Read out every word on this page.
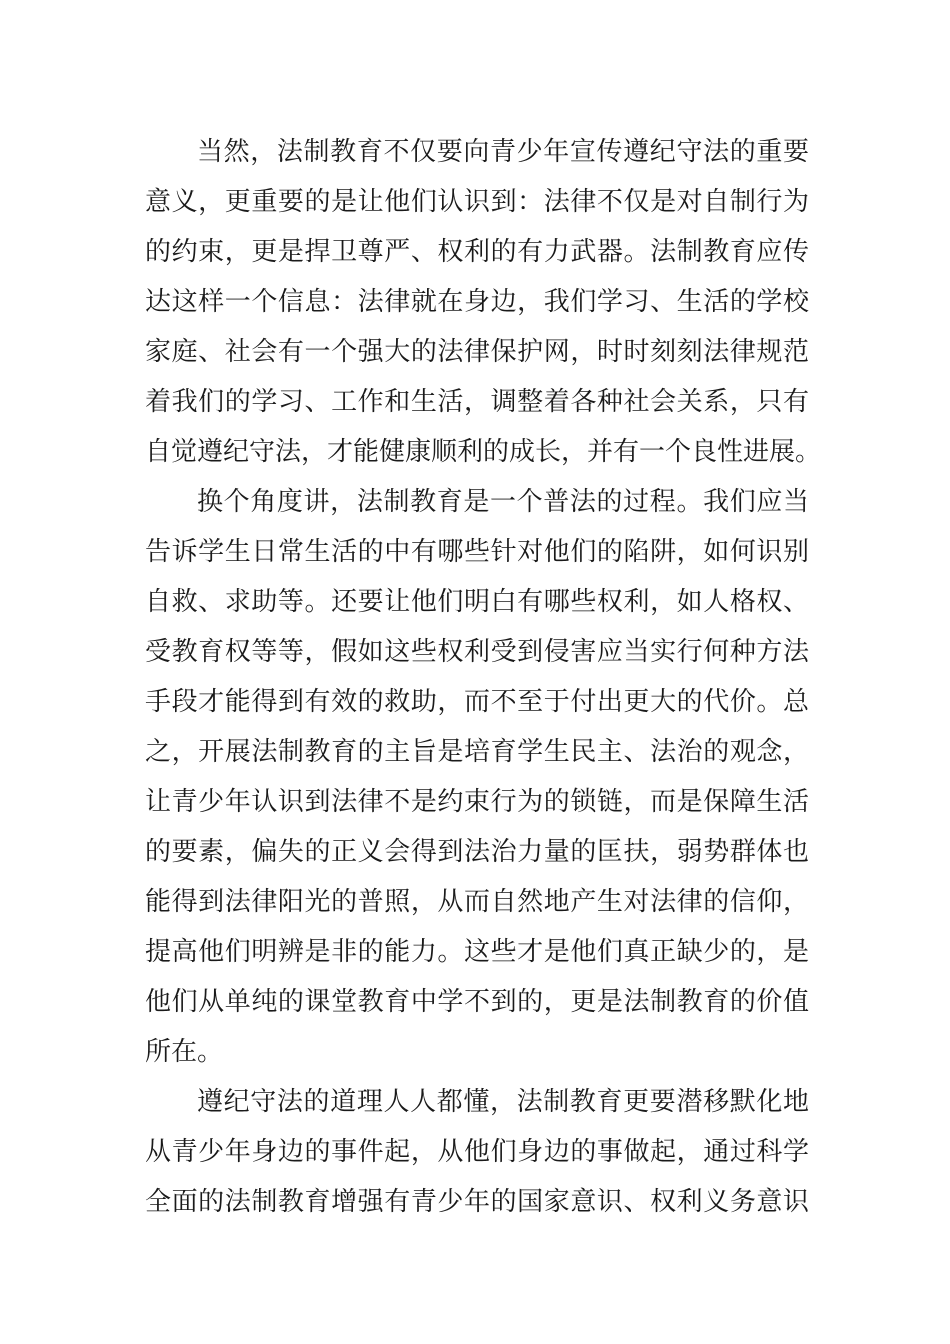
当然，法制教育不仅要向青少年宣传遵纪守法的重要
意义，更重要的是让他们认识到：法律不仅是对自制行为
的约束，更是捍卫尊严、权利的有力武器。法制教育应传
达这样一个信息：法律就在身边，我们学习、生活的学校
家庭、社会有一个强大的法律保护网，时时刻刻法律规范
着我们的学习、工作和生活，调整着各种社会关系，只有
自觉遵纪守法，才能健康顺利的成长，并有一个良性进展。
换个角度讲，法制教育是一个普法的过程。我们应当
告诉学生日常生活的中有哪些针对他们的陷阱，如何识别
自救、求助等。还要让他们明白有哪些权利，如人格权、
受教育权等等，假如这些权利受到侵害应当实行何种方法
手段才能得到有效的救助，而不至于付出更大的代价。总
之，开展法制教育的主旨是培育学生民主、法治的观念，
让青少年认识到法律不是约束行为的锁链，而是保障生活
的要素，偏失的正义会得到法治力量的匡扶，弱势群体也
能得到法律阳光的普照，从而自然地产生对法律的信仰，
提高他们明辨是非的能力。这些才是他们真正缺少的，是
他们从单纯的课堂教育中学不到的，更是法制教育的价值
所在。
遵纪守法的道理人人都懂，法制教育更要潜移默化地
从青少年身边的事件起，从他们身边的事做起，通过科学
全面的法制教育增强有青少年的国家意识、权利义务意识
